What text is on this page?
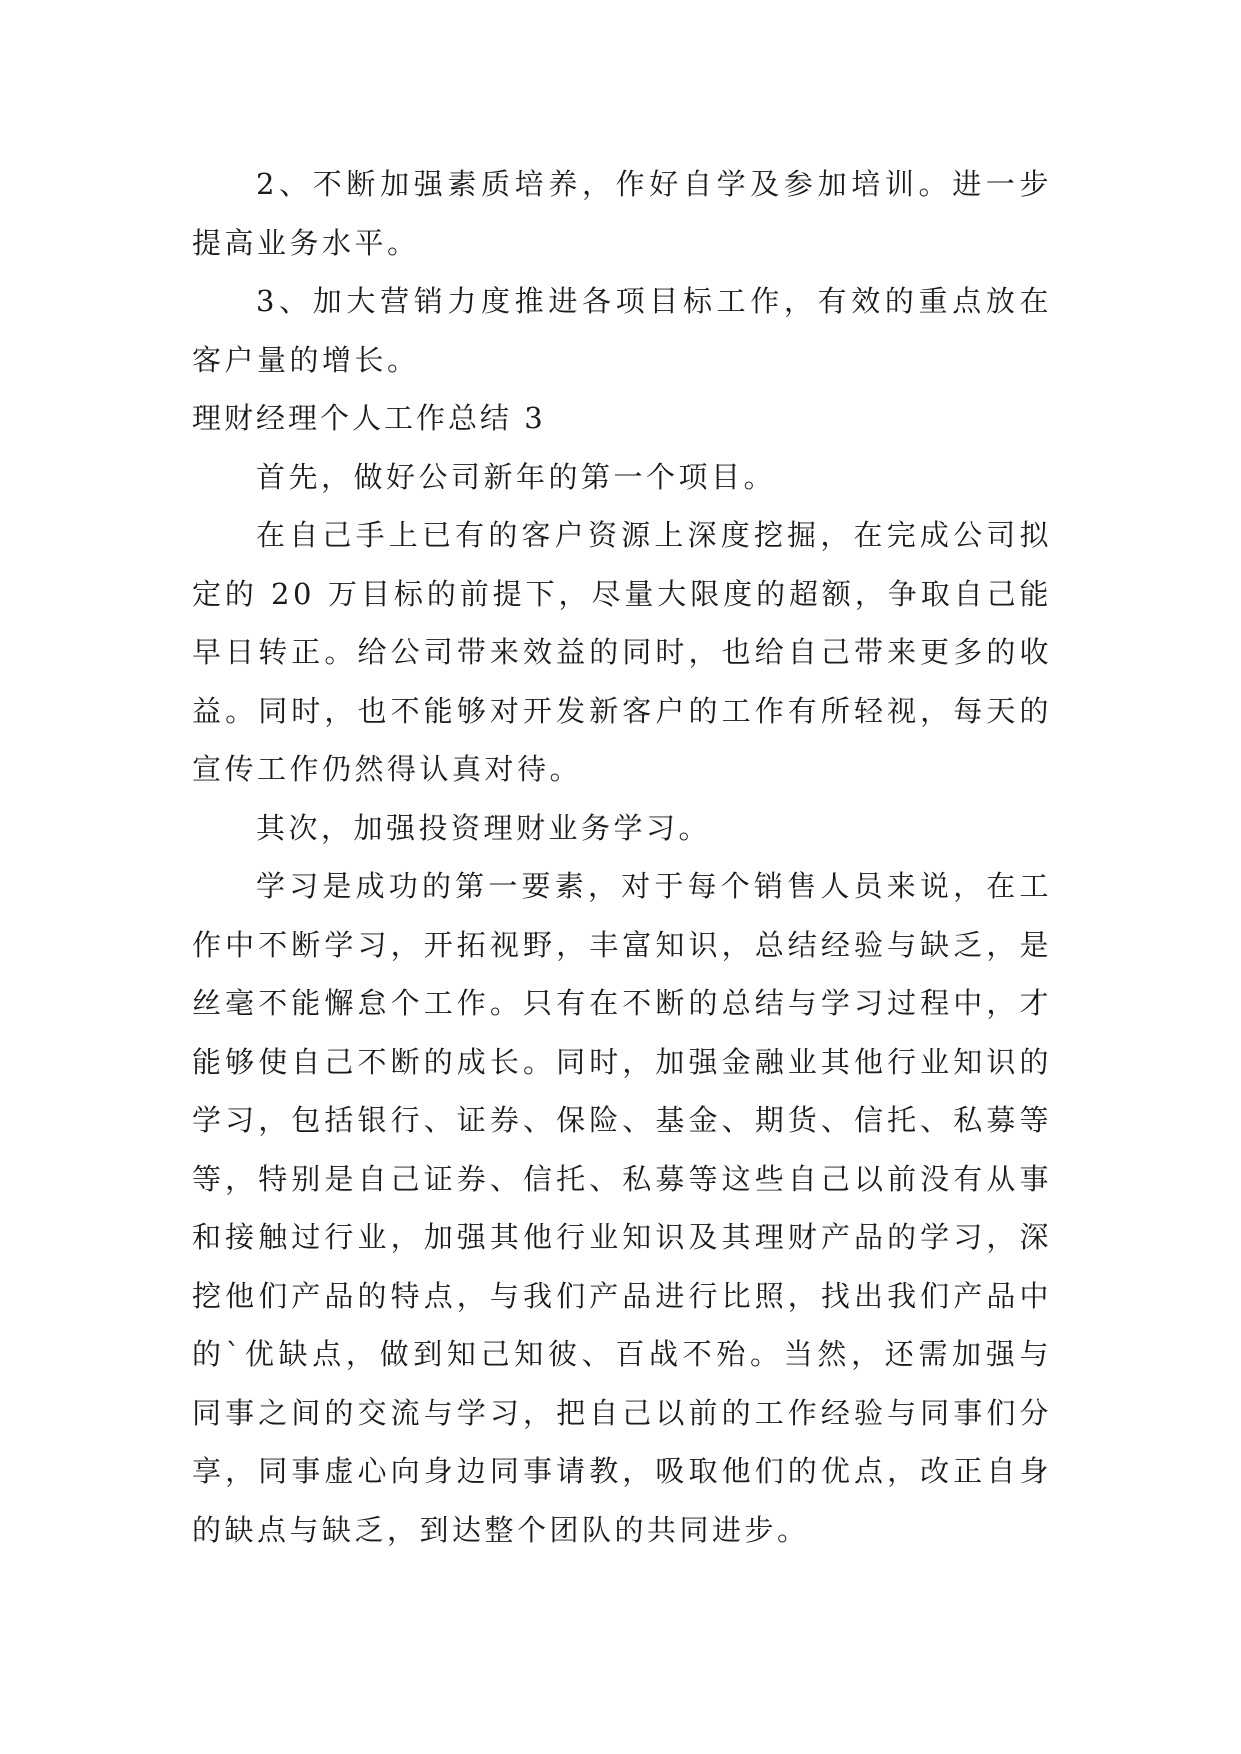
2、不断加强素质培养，作好自学及参加培训。进一步提高业务水平。

3、加大营销力度推进各项目标工作，有效的重点放在客户量的增长。

理财经理个人工作总结 3

首先，做好公司新年的第一个项目。

在自己手上已有的客户资源上深度挖掘，在完成公司拟定的 20 万目标的前提下，尽量大限度的超额，争取自己能早日转正。给公司带来效益的同时，也给自己带来更多的收益。同时，也不能够对开发新客户的工作有所轻视，每天的宣传工作仍然得认真对待。

其次，加强投资理财业务学习。

学习是成功的第一要素，对于每个销售人员来说，在工作中不断学习，开拓视野，丰富知识，总结经验与缺乏，是丝毫不能懈怠个工作。只有在不断的总结与学习过程中，才能够使自己不断的成长。同时，加强金融业其他行业知识的学习，包括银行、证券、保险、基金、期货、信托、私募等等，特别是自己证券、信托、私募等这些自己以前没有从事和接触过行业，加强其他行业知识及其理财产品的学习，深挖他们产品的特点，与我们产品进行比照，找出我们产品中的`优缺点，做到知己知彼、百战不殆。当然，还需加强与同事之间的交流与学习，把自己以前的工作经验与同事们分享，同事虚心向身边同事请教，吸取他们的优点，改正自身的缺点与缺乏，到达整个团队的共同进步。
